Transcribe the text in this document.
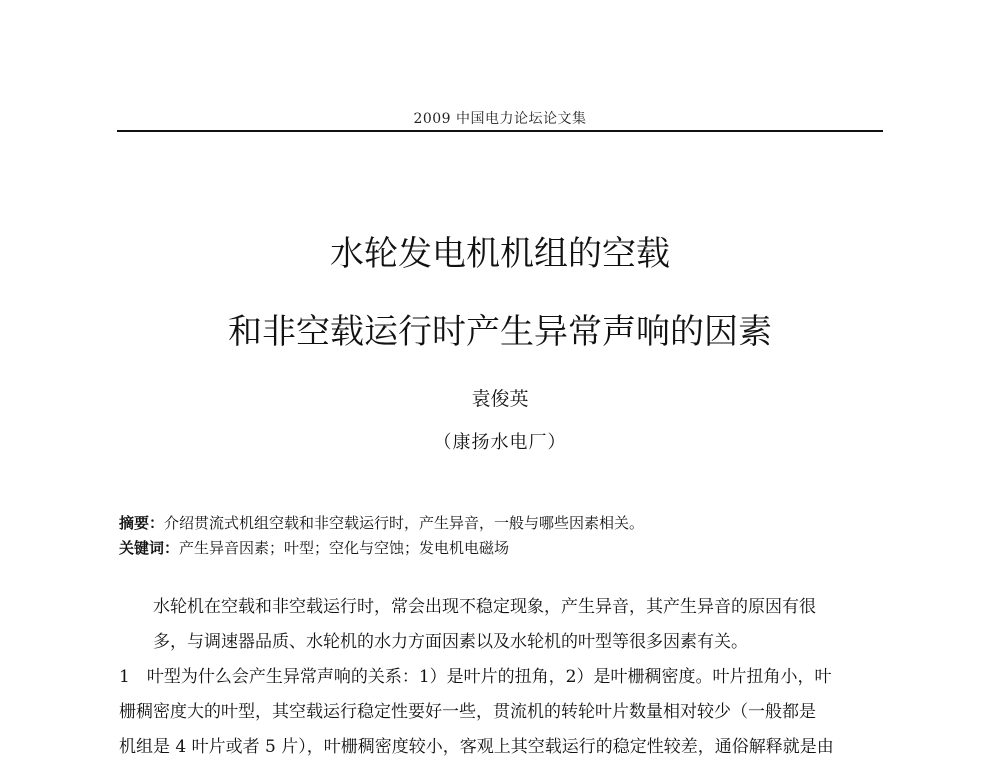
2009 中国电力论坛论文集
水轮发电机机组的空载
和非空载运行时产生异常声响的因素
袁俊英
（康扬水电厂）
摘要：介绍贯流式机组空载和非空载运行时，产生异音，一般与哪些因素相关。
关键词：产生异音因素；叶型；空化与空蚀；发电机电磁场

水轮机在空载和非空载运行时，常会出现不稳定现象，产生异音，其产生异音的原因有很
多，与调速器品质、水轮机的水力方面因素以及水轮机的叶型等很多因素有关。

1　叶型为什么会产生异常声响的关系：1）是叶片的扭角，2）是叶栅稠密度。叶片扭角小，叶
栅稠密度大的叶型，其空载运行稳定性要好一些，贯流机的转轮叶片数量相对较少（一般都是
机组是 4 叶片或者 5 片），叶栅稠密度较小，客观上其空载运行的稳定性较差，通俗解释就是由
